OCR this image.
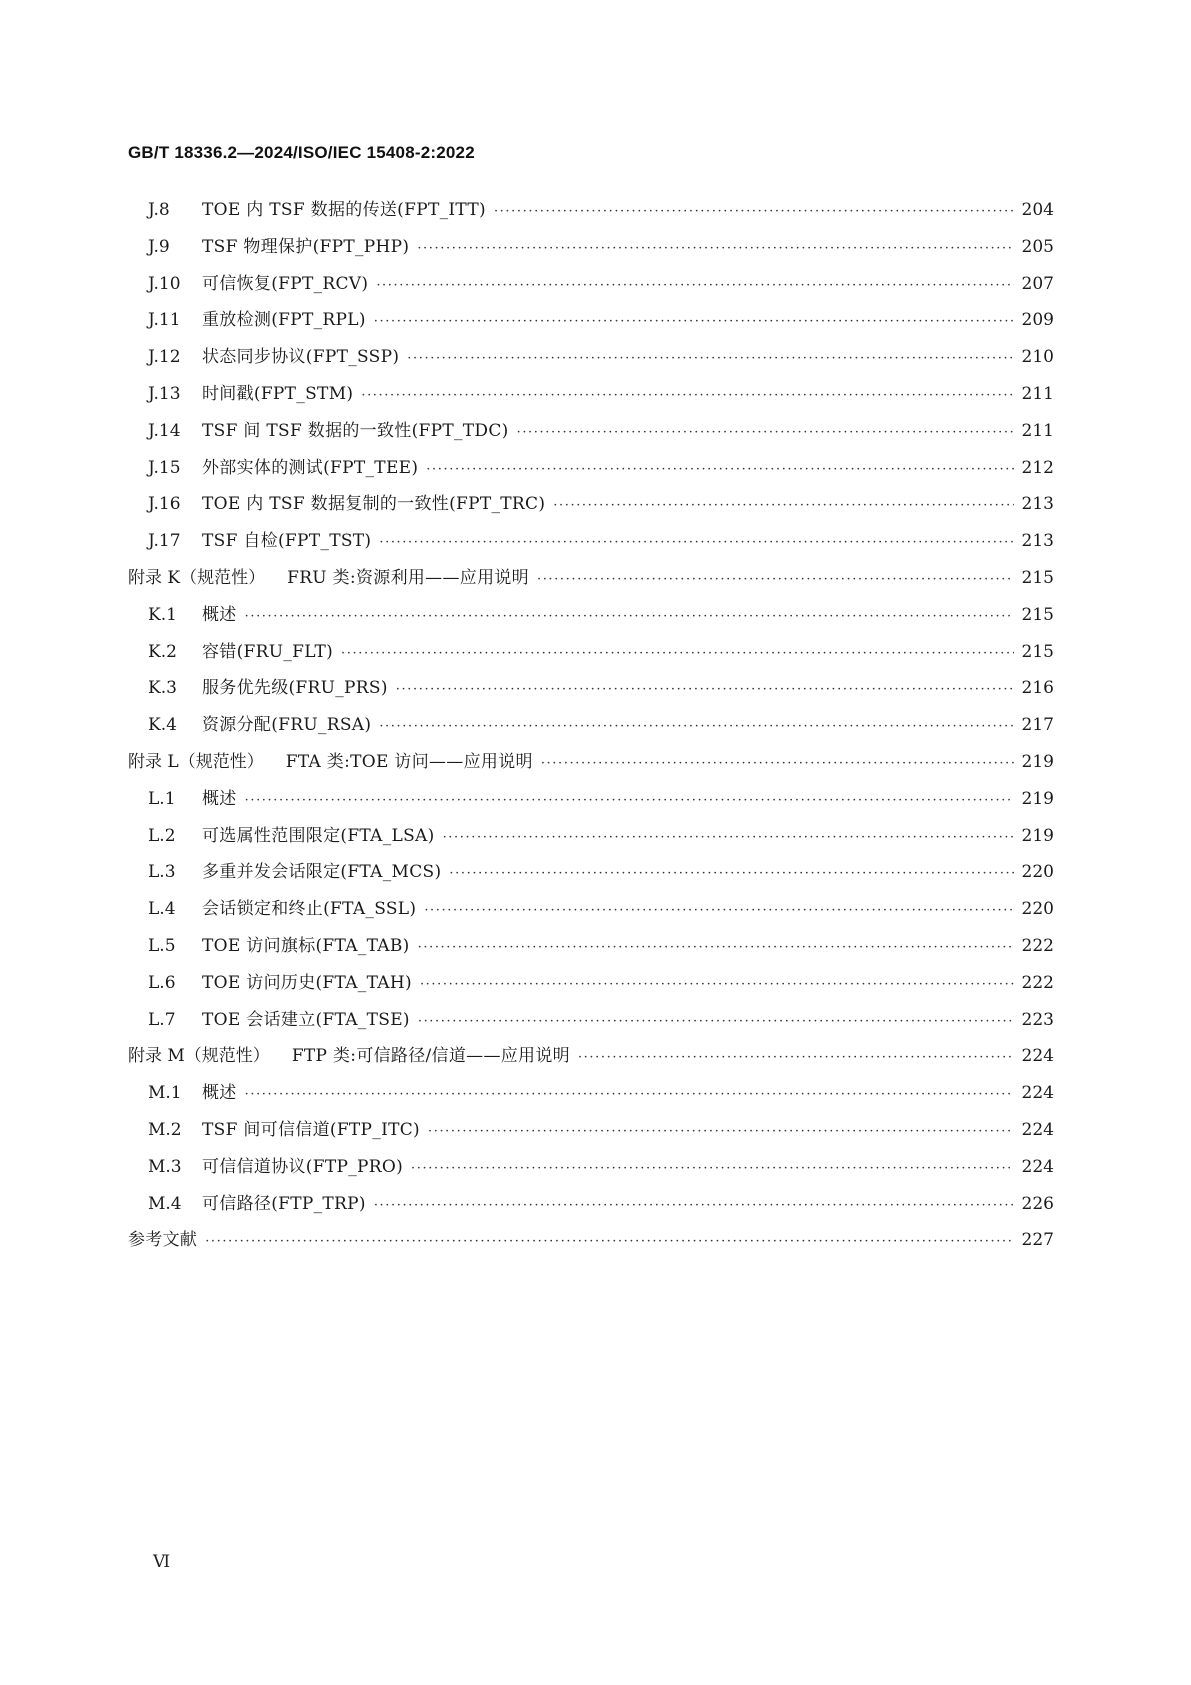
GB/T 18336.2—2024/ISO/IEC 15408-2:2022
J.8	TOE 内 TSF 数据的传送(FPT_ITT) ·····	204
J.9	TSF 物理保护(FPT_PHP) ·····	205
J.10	可信恢复(FPT_RCV) ·····	207
J.11	重放检测(FPT_RPL) ·····	209
J.12	状态同步协议(FPT_SSP) ·····	210
J.13	时间戳(FPT_STM) ·····	211
J.14	TSF 间 TSF 数据的一致性(FPT_TDC) ·····	211
J.15	外部实体的测试(FPT_TEE) ·····	212
J.16	TOE 内 TSF 数据复制的一致性(FPT_TRC) ·····	213
J.17	TSF 自检(FPT_TST) ·····	213
附录 K（规范性） FRU 类:资源利用——应用说明 ·····	215
K.1	概述 ·····	215
K.2	容错(FRU_FLT) ·····	215
K.3	服务优先级(FRU_PRS) ·····	216
K.4	资源分配(FRU_RSA) ·····	217
附录 L（规范性） FTA 类:TOE 访问——应用说明 ·····	219
L.1	概述 ·····	219
L.2	可选属性范围限定(FTA_LSA) ·····	219
L.3	多重并发会话限定(FTA_MCS) ·····	220
L.4	会话锁定和终止(FTA_SSL) ·····	220
L.5	TOE 访问旗标(FTA_TAB) ·····	222
L.6	TOE 访问历史(FTA_TAH) ·····	222
L.7	TOE 会话建立(FTA_TSE) ·····	223
附录 M（规范性） FTP 类:可信路径/信道——应用说明 ·····	224
M.1	概述 ·····	224
M.2	TSF 间可信信道(FTP_ITC) ·····	224
M.3	可信信道协议(FTP_PRO) ·····	224
M.4	可信路径(FTP_TRP) ·····	226
参考文献 ·····	227
Ⅵ
